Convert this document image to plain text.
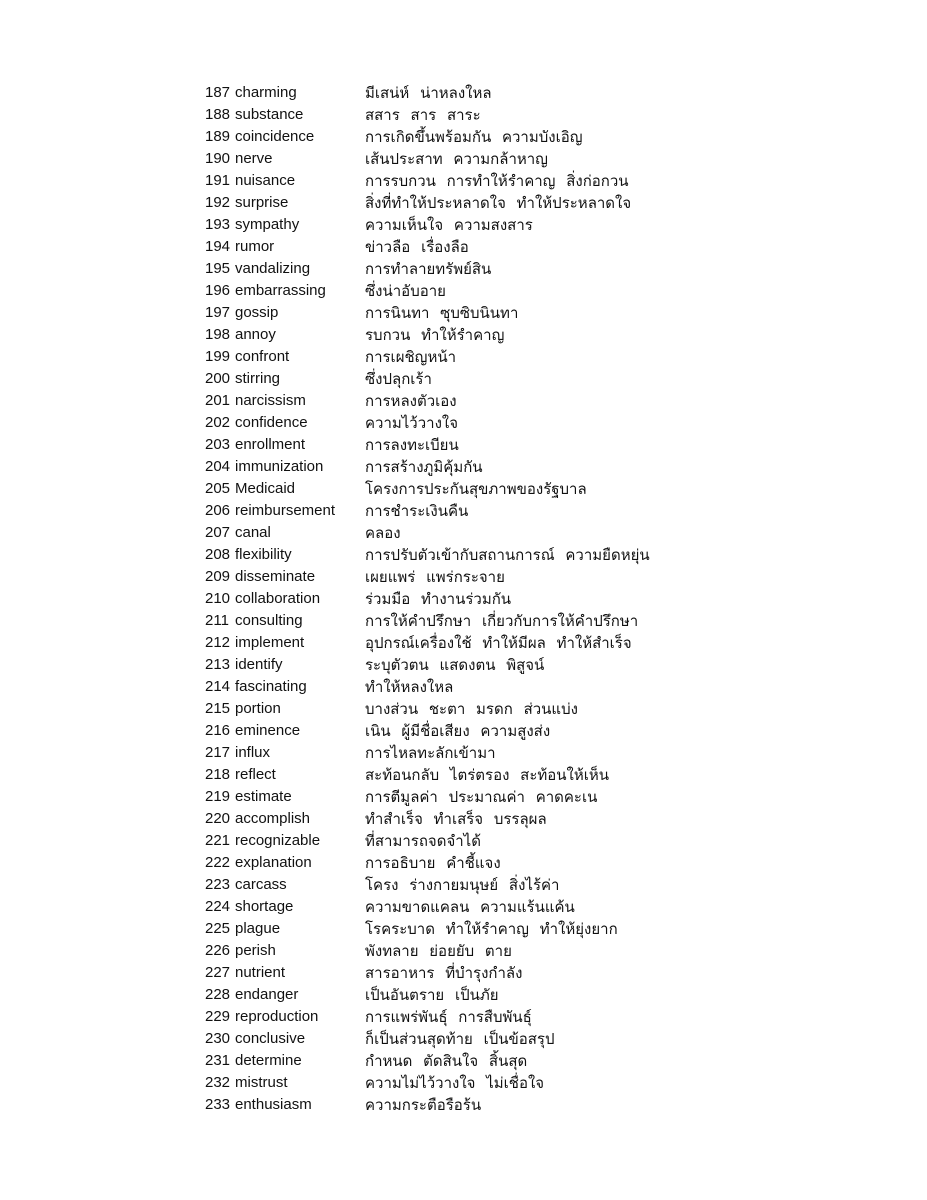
187 charming	มีเสน่ห์ น่าหลงใหล
188 substance	สสาร สาร สาระ
189 coincidence	การเกิดขึ้นพร้อมกัน ความบังเอิญ
190 nerve	เส้นประสาท ความกล้าหาญ
191 nuisance	การรบกวน การทำให้รำคาญ สิ่งก่อกวน
192 surprise	สิ่งที่ทำให้ประหลาดใจ ทำให้ประหลาดใจ
193 sympathy	ความเห็นใจ ความสงสาร
194 rumor	ข่าวลือ เรื่องลือ
195 vandalizing	การทำลายทรัพย์สิน
196 embarrassing	ซึ่งน่าอับอาย
197 gossip	การนินทา ซุบซิบนินทา
198 annoy	รบกวน ทำให้รำคาญ
199 confront	การเผชิญหน้า
200 stirring	ซึ่งปลุกเร้า
201 narcissism	การหลงตัวเอง
202 confidence	ความไว้วางใจ
203 enrollment	การลงทะเบียน
204 immunization	การสร้างภูมิคุ้มกัน
205 Medicaid	โครงการประกันสุขภาพของรัฐบาล
206 reimbursement	การชำระเงินคืน
207 canal	คลอง
208 flexibility	การปรับตัวเข้ากับสถานการณ์ ความยืดหยุ่น
209 disseminate	เผยแพร่ แพร่กระจาย
210 collaboration	ร่วมมือ ทำงานร่วมกัน
211 consulting	การให้คำปรึกษา เกี่ยวกับการให้คำปรึกษา
212 implement	อุปกรณ์เครื่องใช้ ทำให้มีผล ทำให้สำเร็จ
213 identify	ระบุตัวตน แสดงตน พิสูจน์
214 fascinating	ทำให้หลงใหล
215 portion	บางส่วน ชะตา มรดก ส่วนแบ่ง
216 eminence	เนิน ผู้มีชื่อเสียง ความสูงส่ง
217 influx	การไหลทะลักเข้ามา
218 reflect	สะท้อนกลับ ไตร่ตรอง สะท้อนให้เห็น
219 estimate	การตีมูลค่า ประมาณค่า คาดคะเน
220 accomplish	ทำสำเร็จ ทำเสร็จ บรรลุผล
221 recognizable	ที่สามารถจดจำได้
222 explanation	การอธิบาย คำชี้แจง
223 carcass	โครง ร่างกายมนุษย์ สิ่งไร้ค่า
224 shortage	ความขาดแคลน ความแร้นแค้น
225 plague	โรคระบาด ทำให้รำคาญ ทำให้ยุ่งยาก
226 perish	พังทลาย ย่อยยับ ตาย
227 nutrient	สารอาหาร ที่บำรุงกำลัง
228 endanger	เป็นอันตราย เป็นภัย
229 reproduction	การแพร่พันธุ์ การสืบพันธุ์
230 conclusive	ก็เป็นส่วนสุดท้าย เป็นข้อสรุป
231 determine	กำหนด ตัดสินใจ สิ้นสุด
232 mistrust	ความไม่ไว้วางใจ ไม่เชื่อใจ
233 enthusiasm	ความกระตือรือร้น
